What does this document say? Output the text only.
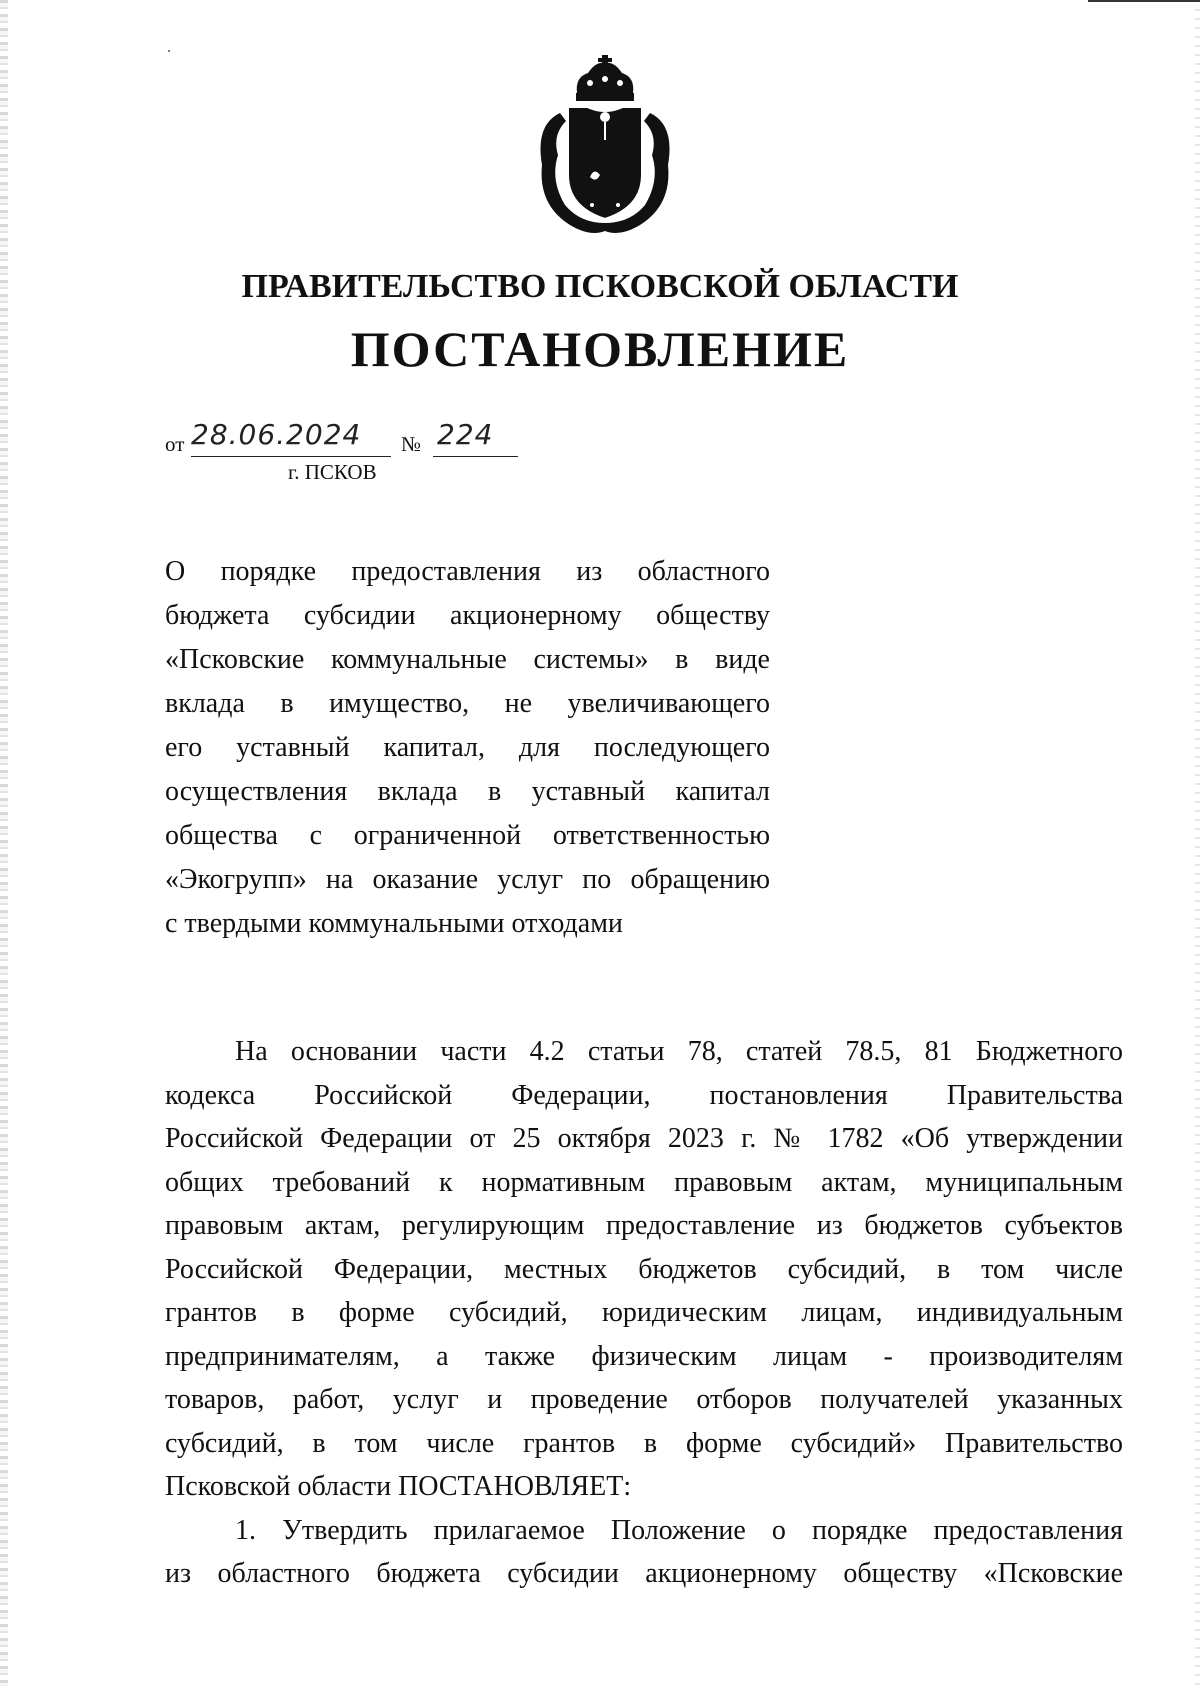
ПРАВИТЕЛЬСТВО ПСКОВСКОЙ ОБЛАСТИ
ПОСТАНОВЛЕНИЕ
от 28.06.2024 № 224
г. ПСКОВ
О порядке предоставления из областного
бюджета субсидии акционерному обществу
«Псковские коммунальные системы» в виде
вклада в имущество, не увеличивающего
его уставный капитал, для последующего
осуществления вклада в уставный капитал
общества с ограниченной ответственностью
«Экогрупп» на оказание услуг по обращению
с твердыми коммунальными отходами
На основании части 4.2 статьи 78, статей 78.5, 81 Бюджетного
кодекса Российской Федерации, постановления Правительства
Российской Федерации от 25 октября 2023 г. № 1782 «Об утверждении
общих требований к нормативным правовым актам, муниципальным
правовым актам, регулирующим предоставление из бюджетов субъектов
Российской Федерации, местных бюджетов субсидий, в том числе
грантов в форме субсидий, юридическим лицам, индивидуальным
предпринимателям, а также физическим лицам - производителям
товаров, работ, услуг и проведение отборов получателей указанных
субсидий, в том числе грантов в форме субсидий» Правительство
Псковской области ПОСТАНОВЛЯЕТ:
1. Утвердить прилагаемое Положение о порядке предоставления
из областного бюджета субсидии акционерному обществу «Псковские
